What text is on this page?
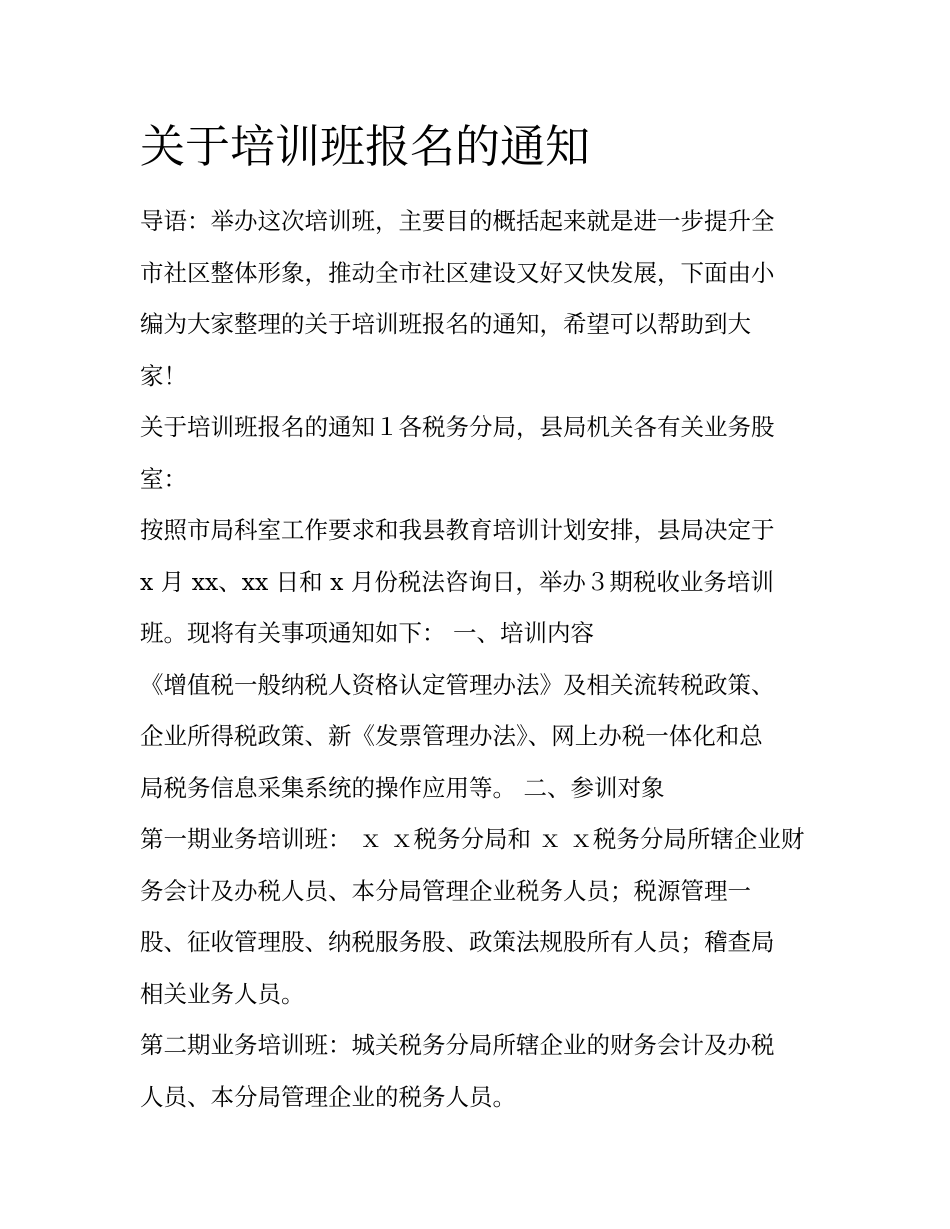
关于培训班报名的通知
导语：举办这次培训班，主要目的概括起来就是进一步提升全
市社区整体形象，推动全市社区建设又好又快发展，下面由小
编为大家整理的关于培训班报名的通知，希望可以帮助到大
家！
关于培训班报名的通知１各税务分局，县局机关各有关业务股
室：
按照市局科室工作要求和我县教育培训计划安排，县局决定于
x 月 xx、xx 日和 x 月份税法咨询日，举办３期税收业务培训
班。现将有关事项通知如下： 一、培训内容
《增值税一般纳税人资格认定管理办法》及相关流转税政策、
企业所得税政策、新《发票管理办法》、网上办税一体化和总
局税务信息采集系统的操作应用等。 二、参训对象
第一期业务培训班： ｘ ｘ税务分局和 ｘ ｘ税务分局所辖企业财
务会计及办税人员、本分局管理企业税务人员；税源管理一
股、征收管理股、纳税服务股、政策法规股所有人员；稽查局
相关业务人员。
第二期业务培训班：城关税务分局所辖企业的财务会计及办税
人员、本分局管理企业的税务人员。
